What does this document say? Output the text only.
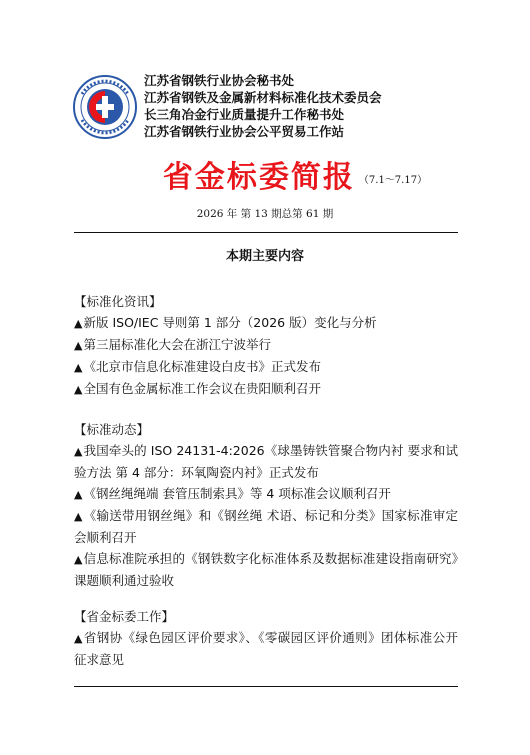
江苏省钢铁行业协会秘书处
江苏省钢铁及金属新材料标准化技术委员会
长三角冶金行业质量提升工作秘书处
江苏省钢铁行业协会公平贸易工作站
省金标委简报 $^{(7.1\sim 7.17)}$
2026 年 第 13 期总第 61 期
本期主要内容
【标准化资讯】
▲新版 ISO/IEC 导则第 1 部分（2026 版）变化与分析
▲第三届标准化大会在浙江宁波举行
▲《北京市信息化标准建设白皮书》正式发布
▲全国有色金属标准工作会议在贵阳顺利召开
【标准动态】
▲我国牵头的 ISO 24131-4:2026《球墨铸铁管聚合物内衬 要求和试验方法 第 4 部分：环氧陶瓷内衬》正式发布
▲《钢丝绳绳端 套管压制索具》等 4 项标准会议顺利召开
▲《输送带用钢丝绳》和《钢丝绳 术语、标记和分类》国家标准审定会顺利召开
▲信息标准院承担的《钢铁数字化标准体系及数据标准建设指南研究》课题顺利通过验收
【省金标委工作】
▲省钢协《绿色园区评价要求》、《零碳园区评价通则》团体标准公开征求意见
